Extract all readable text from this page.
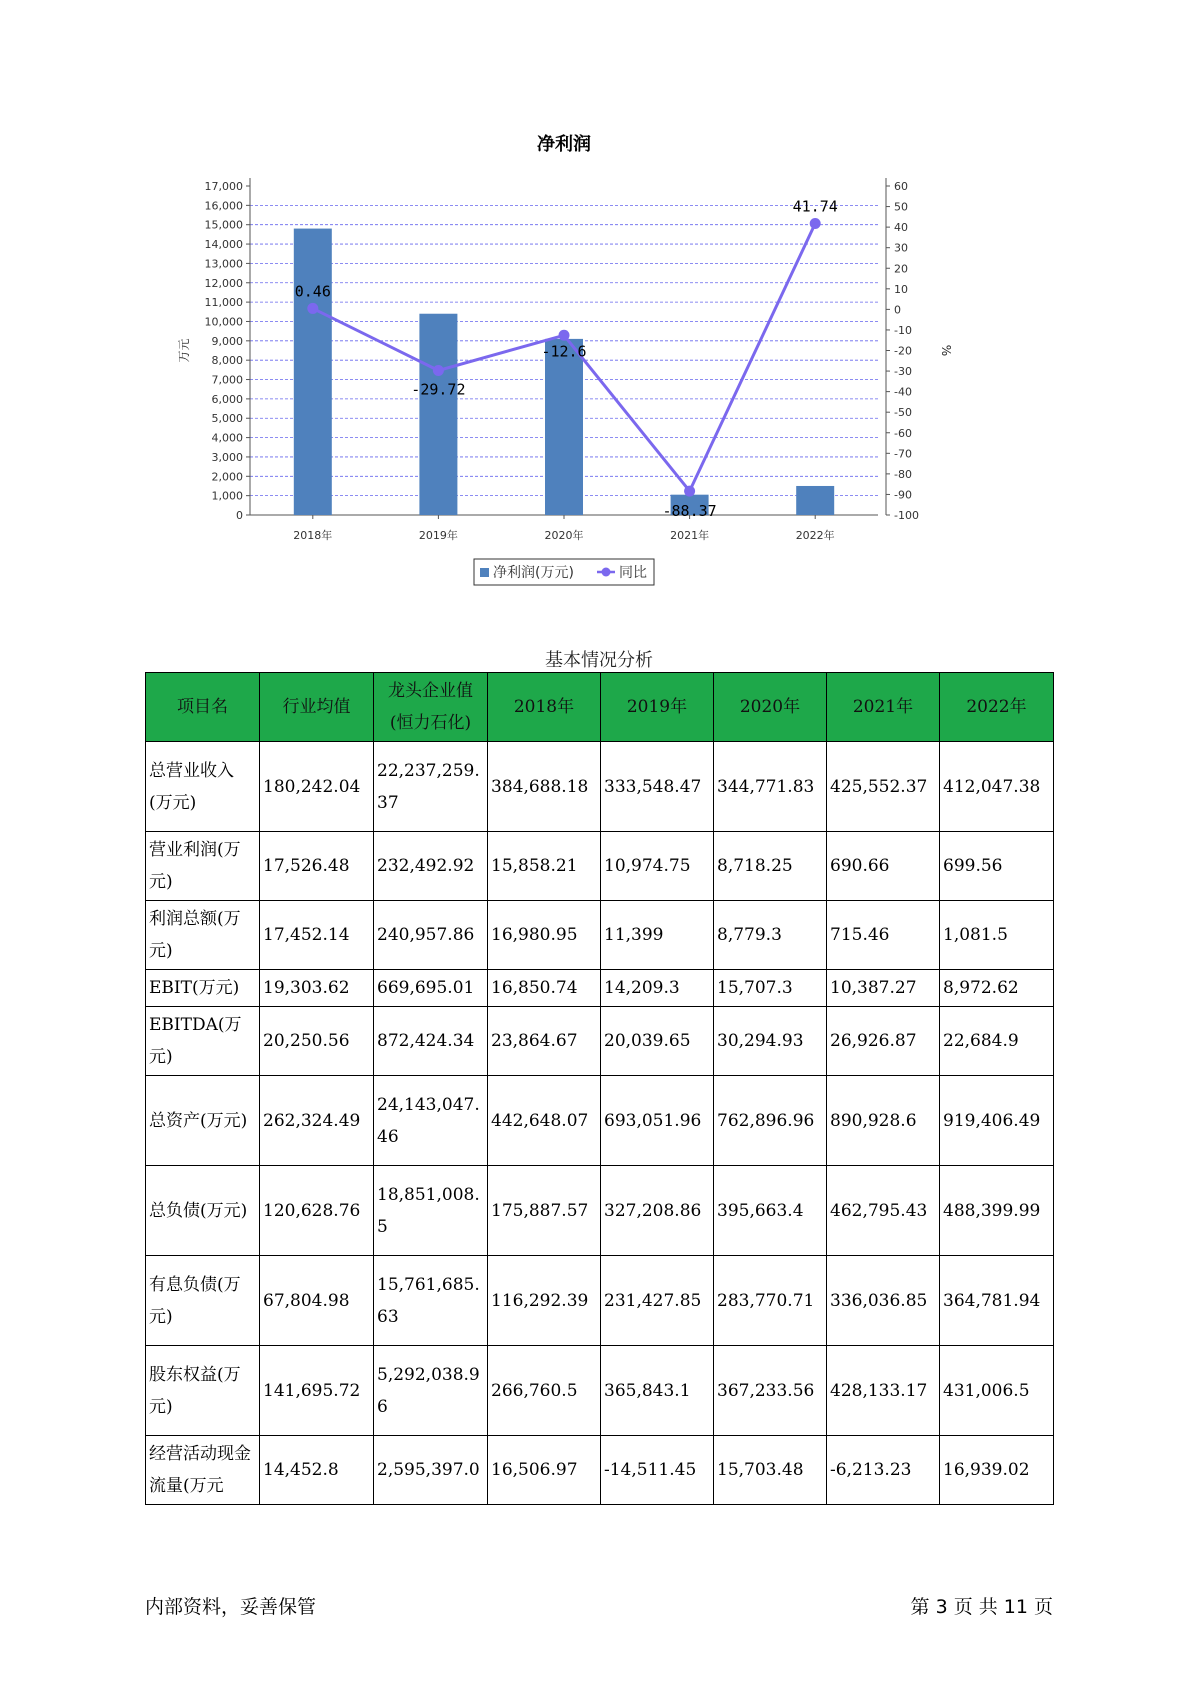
净利润
0
1,000
2,000
3,000
4,000
5,000
6,000
7,000
8,000
9,000
10,000
11,000
12,000
13,000
14,000
15,000
16,000
17,000
-100
-90
-80
-70
-60
-50
-40
-30
-20
-10
0
10
20
30
40
50
60
万元	%
2018年	2019年	2020年	2021年	2022年
0.46
-29.72
-12.6
-88.37
41.74
净利润(万元)	同比
基本情况分析
项目名	行业均值	龙头企业值(恒力石化)	2018年	2019年	2020年	2021年	2022年
总营业收入(万元)	180,242.04	22,237,259.37	384,688.18	333,548.47	344,771.83	425,552.37	412,047.38
营业利润(万元)	17,526.48	232,492.92	15,858.21	10,974.75	8,718.25	690.66	699.56
利润总额(万元)	17,452.14	240,957.86	16,980.95	11,399	8,779.3	715.46	1,081.5
EBIT(万元)	19,303.62	669,695.01	16,850.74	14,209.3	15,707.3	10,387.27	8,972.62
EBITDA(万元)	20,250.56	872,424.34	23,864.67	20,039.65	30,294.93	26,926.87	22,684.9
总资产(万元)	262,324.49	24,143,047.46	442,648.07	693,051.96	762,896.96	890,928.6	919,406.49
总负债(万元)	120,628.76	18,851,008.5	175,887.57	327,208.86	395,663.4	462,795.43	488,399.99
有息负债(万元)	67,804.98	15,761,685.63	116,292.39	231,427.85	283,770.71	336,036.85	364,781.94
股东权益(万元)	141,695.72	5,292,038.96	266,760.5	365,843.1	367,233.56	428,133.17	431,006.5
经营活动现金流量(万元	14,452.8	2,595,397.0	16,506.97	-14,511.45	15,703.48	-6,213.23	16,939.02
内部资料，妥善保管	第 3 页 共 11 页
